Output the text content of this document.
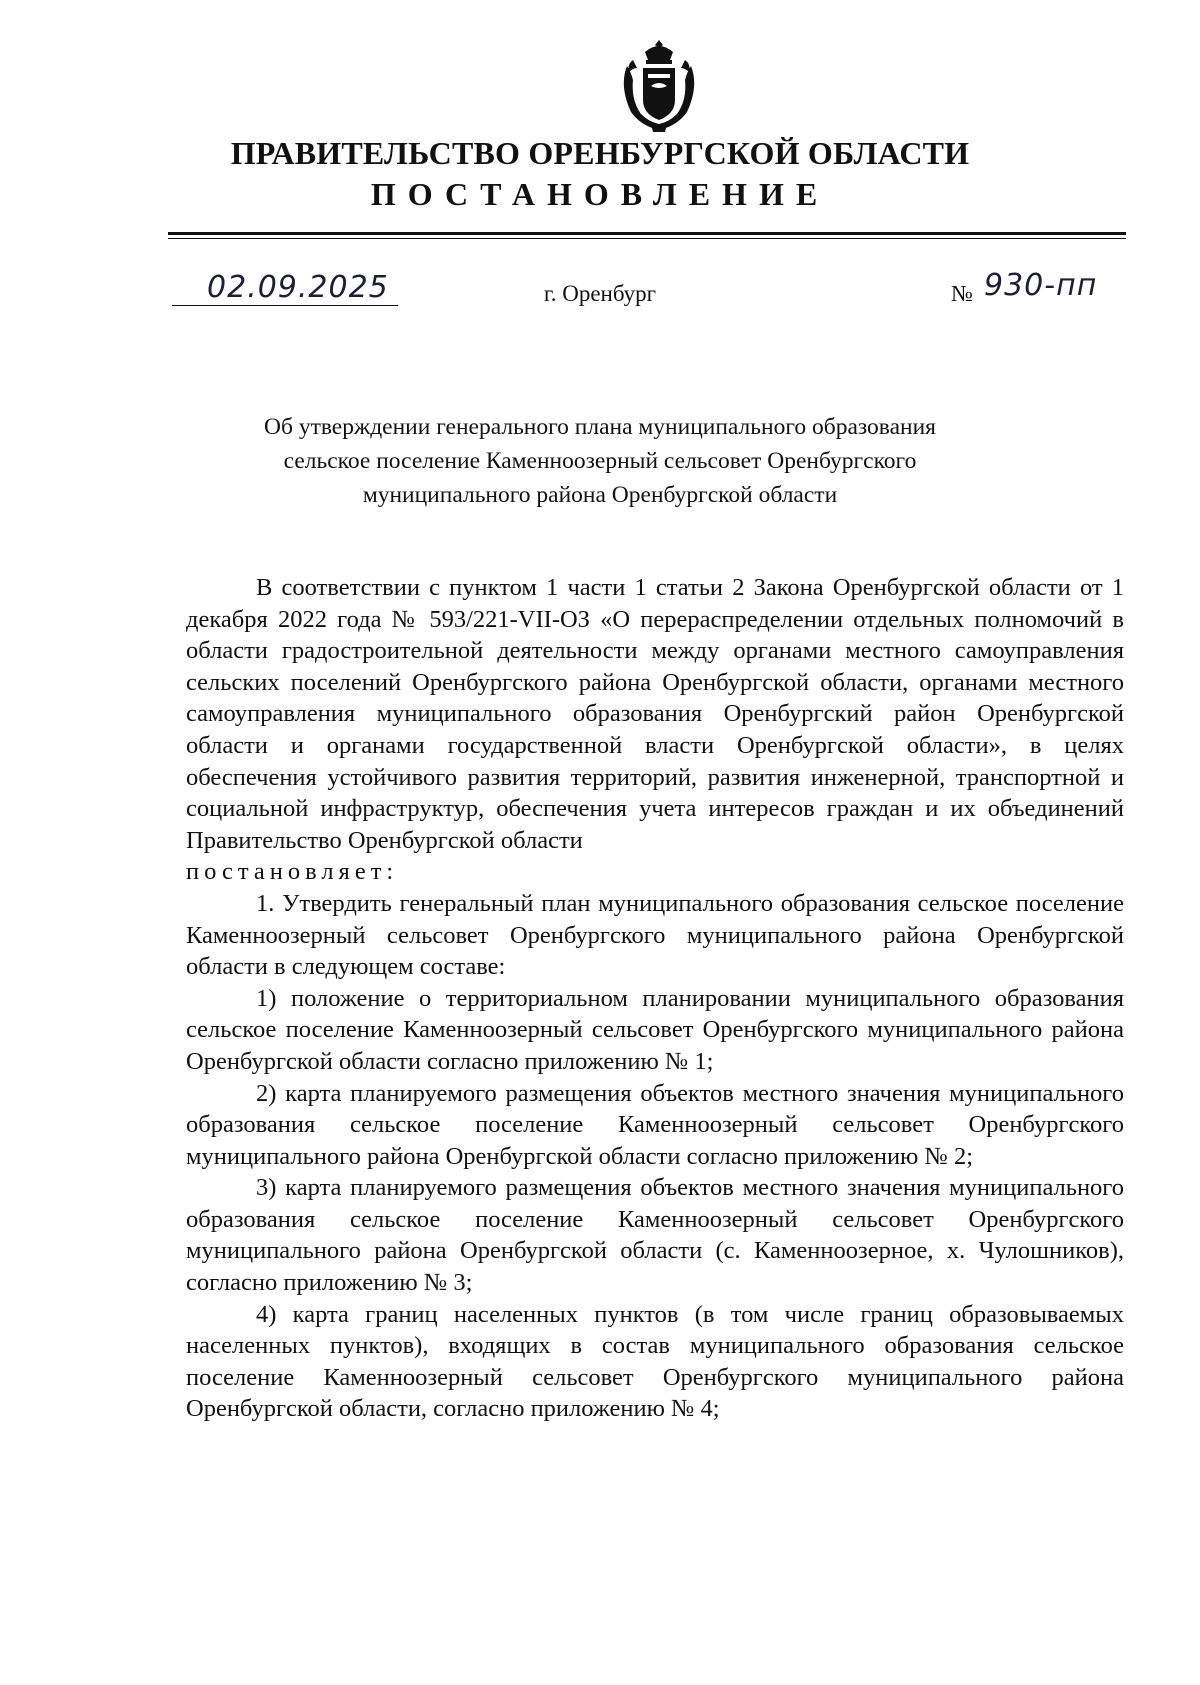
ПРАВИТЕЛЬСТВО ОРЕНБУРГСКОЙ ОБЛАСТИ
ПОСТАНОВЛЕНИЕ
02.09.2025	г. Оренбург	№ 930-пп
Об утверждении генерального плана муниципального образования
сельское поселение Каменноозерный сельсовет Оренбургского
муниципального района Оренбургской области

В соответствии с пунктом 1 части 1 статьи 2 Закона Оренбургской области от 1 декабря 2022 года № 593/221-VII-ОЗ «О перераспределении отдельных полномочий в области градостроительной деятельности между органами местного самоуправления сельских поселений Оренбургского района Оренбургской области, органами местного самоуправления муниципального образования Оренбургский район Оренбургской области и органами государственной власти Оренбургской области», в целях обеспечения устойчивого развития территорий, развития инженерной, транспортной и социальной инфраструктур, обеспечения учета интересов граждан и их объединений Правительство Оренбургской области

постановляет:

1. Утвердить генеральный план муниципального образования сельское поселение Каменноозерный сельсовет Оренбургского муниципального района Оренбургской области в следующем составе:

1) положение о территориальном планировании муниципального образования сельское поселение Каменноозерный сельсовет Оренбургского муниципального района Оренбургской области согласно приложению № 1;

2) карта планируемого размещения объектов местного значения муниципального образования сельское поселение Каменноозерный сельсовет Оренбургского муниципального района Оренбургской области согласно приложению № 2;

3) карта планируемого размещения объектов местного значения муниципального образования сельское поселение Каменноозерный сельсовет Оренбургского муниципального района Оренбургской области (с. Каменноозерное, х. Чулошников), согласно приложению № 3;

4) карта границ населенных пунктов (в том числе границ образовываемых населенных пунктов), входящих в состав муниципального образования сельское поселение Каменноозерный сельсовет Оренбургского муниципального района Оренбургской области, согласно приложению № 4;
